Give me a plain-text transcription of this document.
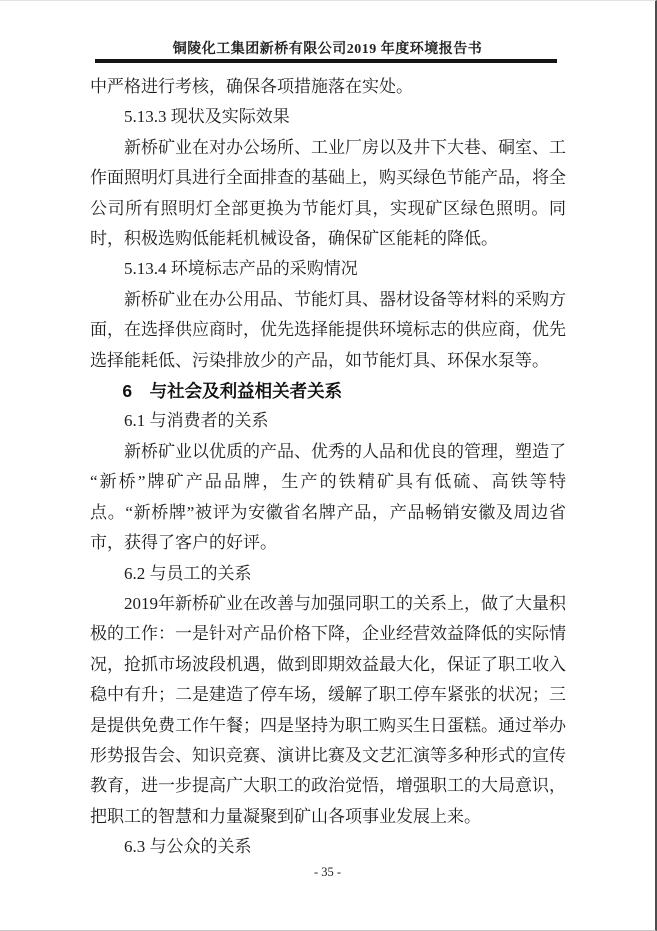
铜陵化工集团新桥有限公司2019 年度环境报告书

中严格进行考核，确保各项措施落在实处。

5.13.3 现状及实际效果

新桥矿业在对办公场所、工业厂房以及井下大巷、硐室、工作面照明灯具进行全面排查的基础上，购买绿色节能产品，将全公司所有照明灯全部更换为节能灯具，实现矿区绿色照明。同时，积极选购低能耗机械设备，确保矿区能耗的降低。

5.13.4 环境标志产品的采购情况

新桥矿业在办公用品、节能灯具、器材设备等材料的采购方面，在选择供应商时，优先选择能提供环境标志的供应商，优先选择能耗低、污染排放少的产品，如节能灯具、环保水泵等。

6　与社会及利益相关者关系

6.1 与消费者的关系

新桥矿业以优质的产品、优秀的人品和优良的管理，塑造了 “新桥”牌矿产品品牌，生产的铁精矿具有低硫、高铁等特点。“新桥牌”被评为安徽省名牌产品，产品畅销安徽及周边省市，获得了客户的好评。

6.2 与员工的关系

2019年新桥矿业在改善与加强同职工的关系上，做了大量积极的工作：一是针对产品价格下降，企业经营效益降低的实际情况，抢抓市场波段机遇，做到即期效益最大化，保证了职工收入稳中有升；二是建造了停车场，缓解了职工停车紧张的状况；三是提供免费工作午餐；四是坚持为职工购买生日蛋糕。通过举办形势报告会、知识竞赛、演讲比赛及文艺汇演等多种形式的宣传教育，进一步提高广大职工的政治觉悟，增强职工的大局意识，把职工的智慧和力量凝聚到矿山各项事业发展上来。

6.3 与公众的关系

- 35 -
